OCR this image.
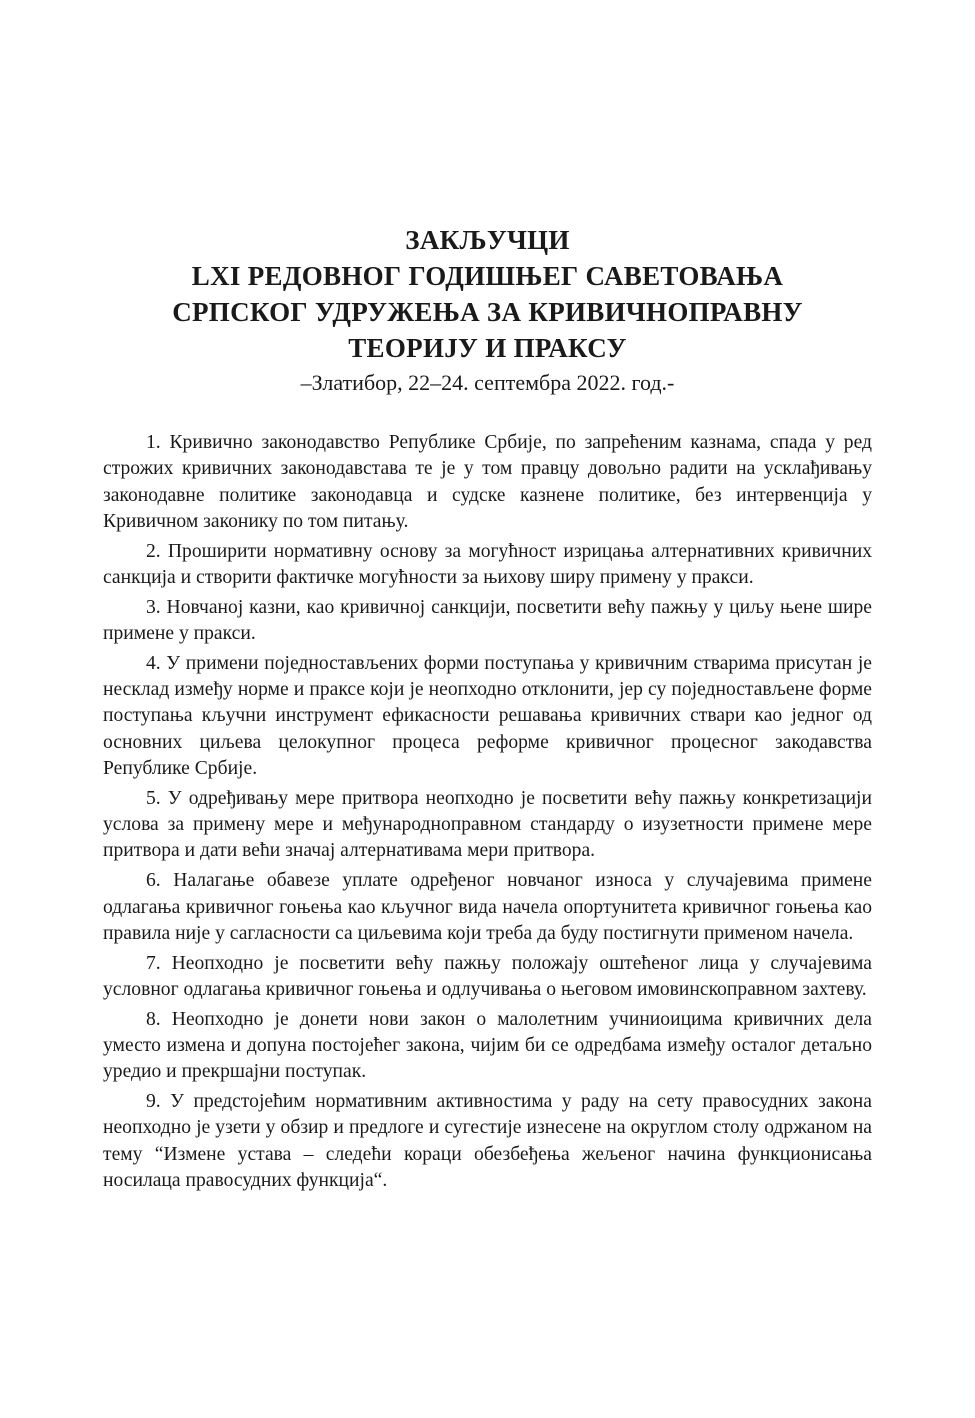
ЗАКЉУЧЦИ
LXI РЕДОВНОГ ГОДИШЊЕГ САВЕТОВАЊА
СРПСКОГ УДРУЖЕЊА ЗА КРИВИЧНОПРАВНУ
ТЕОРИЈУ И ПРАКСУ
–Златибор, 22–24. септембра 2022. год.-

1. Кривично законодавство Републике Србије, по запрећеним казнама, спада у ред строжих кривичних законодавстава те је у том правцу довољно радити на усклађивању законодавне политике законодавца и судске казнене политике, без интервенција у Кривичном законику по том питању.

2. Проширити нормативну основу за могућност изрицања алтернативних кривичних санкција и створити фактичке могућности за њихову ширу примену у пракси.

3. Новчаној казни, као кривичној санкцији, посветити већу пажњу у циљу њене шире примене у пракси.

4. У примени поједностављених форми поступања у кривичним стварима присутан је несклад између норме и праксе који је неопходно отклонити, јер су поједностављене форме поступања кључни инструмент ефикасности решавања кривичних ствари као једног од основних циљева целокупног процеса реформе кривичног процесног закодавства Републике Србије.

5. У одређивању мере притвора неопходно је посветити већу пажњу конкретизацији услова за примену мере и међународноправном стандарду о изузетности примене мере притвора и дати већи значај алтернативама мери притвора.

6. Налагање обавезе уплате одређеног новчаног износа у случајевима примене одлагања кривичног гоњења као кључног вида начела опортунитета кривичног гоњења као правила није у сагласности са циљевима који треба да буду постигнути применом начела.

7. Неопходно је посветити већу пажњу положају оштећеног лица у случајевима условног одлагања кривичног гоњења и одлучивања о његовом имовинскоправном захтеву.

8. Неопходно је донети нови закон о малолетним учиниоицима кривичних дела уместо измена и допуна постојећег закона, чијим би се одредбама између осталог детаљно уредио и прекршајни поступак.

9. У предстојећим нормативним активностима у раду на сету правосудних закона неопходно је узети у обзир и предлоге и сугестије изнесене на округлом столу одржаном на тему “Измене устава – следећи кораци обезбеђења жељеног начина функционисања носилаца правосудних функција“.
